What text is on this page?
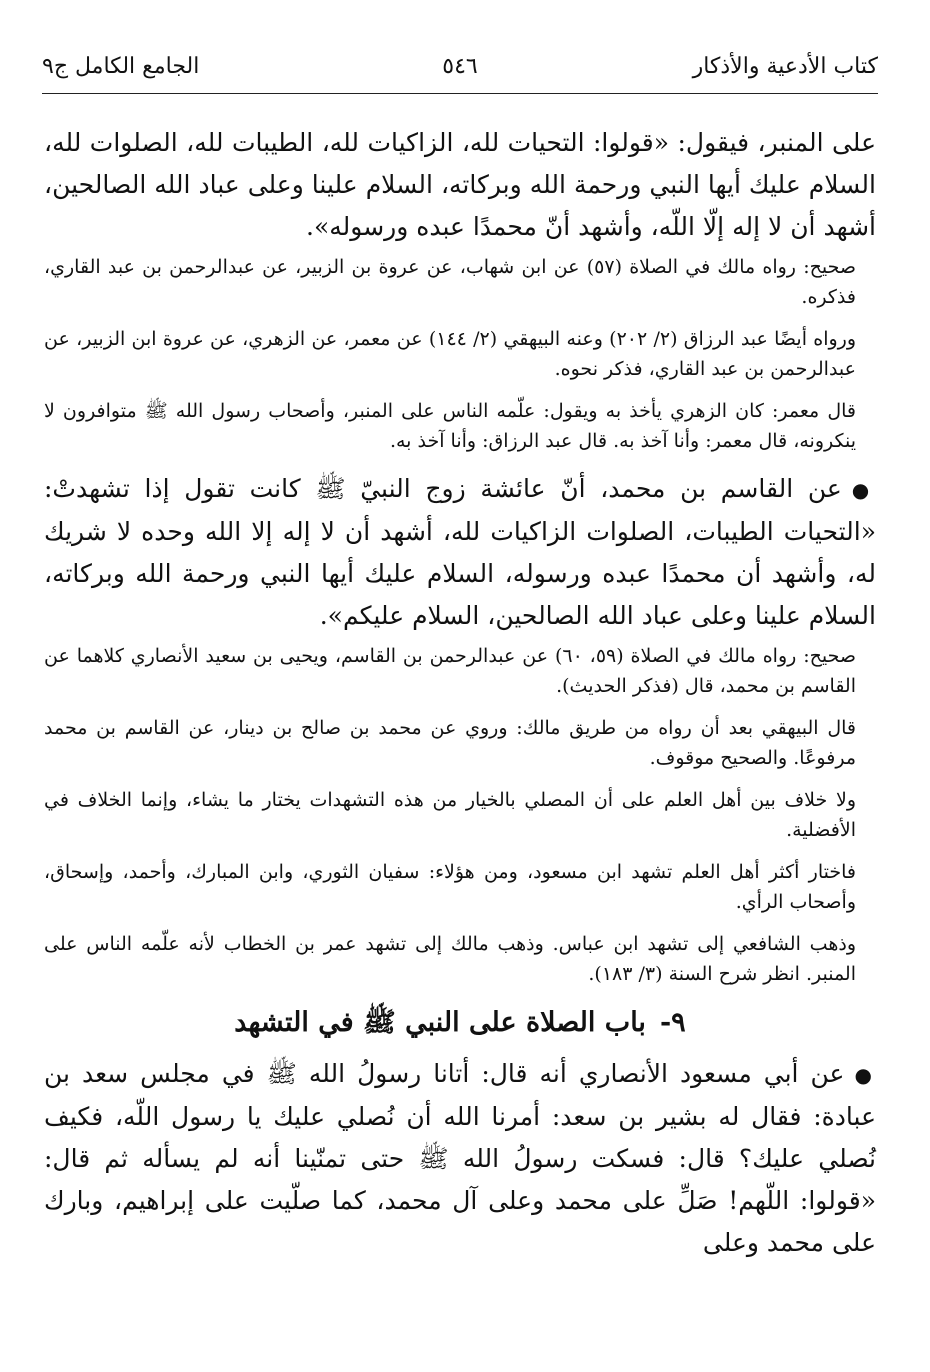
كتاب الأدعية والأذكار
٥٤٦
الجامع الكامل ج٩

على المنبر، فيقول: «قولوا: التحيات لله، الزاكيات لله، الطيبات لله، الصلوات لله، السلام عليك أيها النبي ورحمة الله وبركاته، السلام علينا وعلى عباد الله الصالحين، أشهد أن لا إله إلّا اللّه، وأشهد أنّ محمدًا عبده ورسوله».

صحيح: رواه مالك في الصلاة (٥٧) عن ابن شهاب، عن عروة بن الزبير، عن عبدالرحمن بن عبد القاري، فذكره.

ورواه أيضًا عبد الرزاق (٢/ ٢٠٢) وعنه البيهقي (٢/ ١٤٤) عن معمر، عن الزهري، عن عروة ابن الزبير، عن عبدالرحمن بن عبد القاري، فذكر نحوه.

قال معمر: كان الزهري يأخذ به ويقول: علّمه الناس على المنبر، وأصحاب رسول الله ﷺ متوافرون لا ينكرونه، قال معمر: وأنا آخذ به. قال عبد الرزاق: وأنا آخذ به.

●عن القاسم بن محمد، أنّ عائشة زوج النبيّ ﷺ كانت تقول إذا تشهدتْ: «التحيات الطيبات، الصلوات الزاكيات لله، أشهد أن لا إله إلا الله وحده لا شريك له، وأشهد أن محمدًا عبده ورسوله، السلام عليك أيها النبي ورحمة الله وبركاته، السلام علينا وعلى عباد الله الصالحين، السلام عليكم».

صحيح: رواه مالك في الصلاة (٥٩، ٦٠) عن عبدالرحمن بن القاسم، ويحيى بن سعيد الأنصاري كلاهما عن القاسم بن محمد، قال (فذكر الحديث).

قال البيهقي بعد أن رواه من طريق مالك: وروي عن محمد بن صالح بن دينار، عن القاسم بن محمد مرفوعًا. والصحيح موقوف.

ولا خلاف بين أهل العلم على أن المصلي بالخيار من هذه التشهدات يختار ما يشاء، وإنما الخلاف في الأفضلية.

فاختار أكثر أهل العلم تشهد ابن مسعود، ومن هؤلاء: سفيان الثوري، وابن المبارك، وأحمد، وإسحاق، وأصحاب الرأي.

وذهب الشافعي إلى تشهد ابن عباس. وذهب مالك إلى تشهد عمر بن الخطاب لأنه علّمه الناس على المنبر. انظر شرح السنة (٣/ ١٨٣).

٩-باب الصلاة على النبي ﷺ في التشهد

●عن أبي مسعود الأنصاري أنه قال: أتانا رسولُ الله ﷺ في مجلس سعد بن عبادة: فقال له بشير بن سعد: أمرنا الله أن نُصلي عليك يا رسول اللّه، فكيف نُصلي عليك؟ قال: فسكت رسولُ الله ﷺ حتى تمنّينا أنه لم يسأله ثم قال: «قولوا: اللّهم! صَلِّ على محمد وعلى آل محمد، كما صلّيت على إبراهيم، وبارك على محمد وعلى
